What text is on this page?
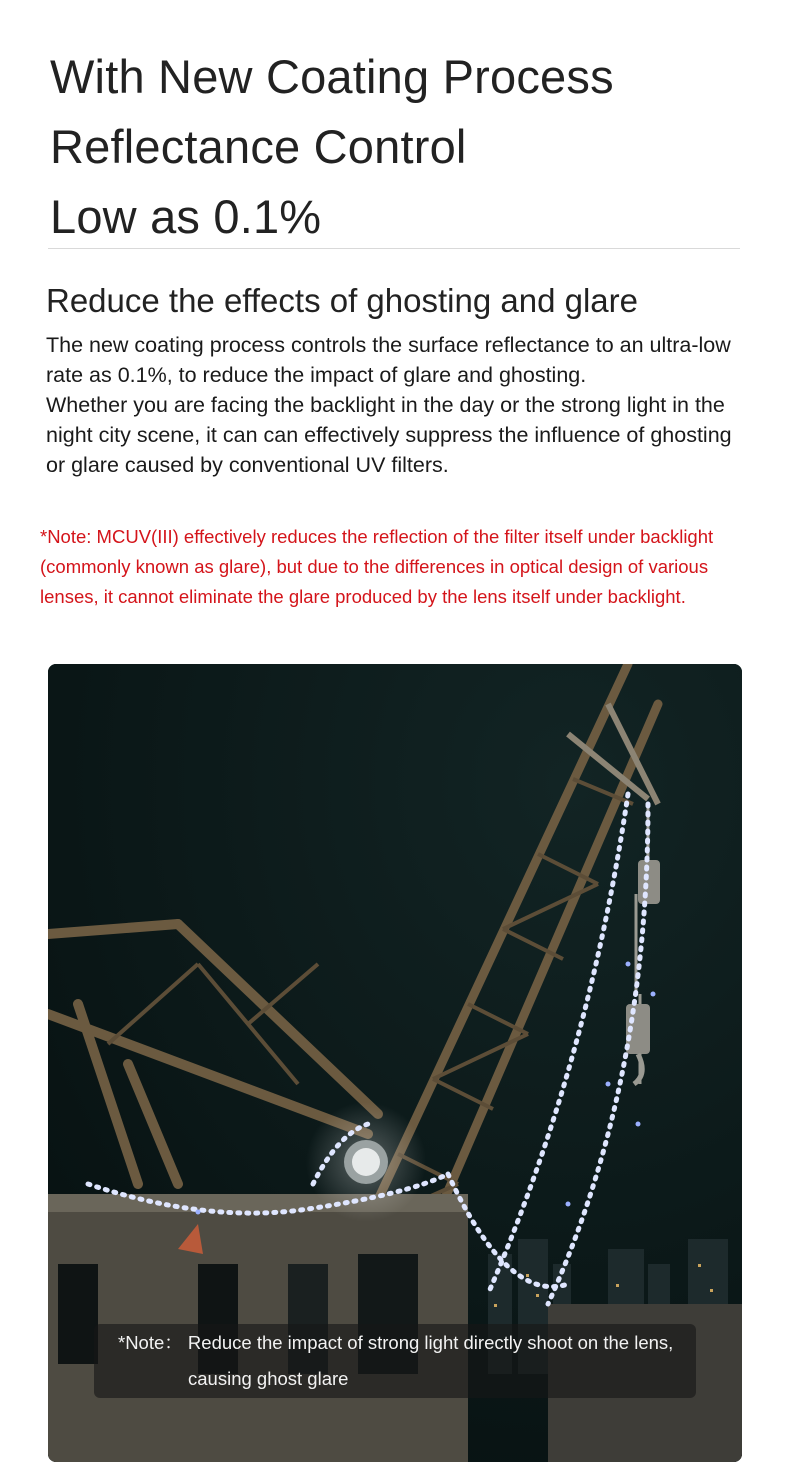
With New Coating Process
Reflectance Control
Low as 0.1%
Reduce the effects of ghosting and glare

The new coating process controls the surface reflectance to an ultra-low rate as 0.1%, to reduce the impact of glare and ghosting.

Whether you are facing the backlight in the day or the strong light in the night city scene, it can can effectively suppress the influence of ghosting or glare caused by conventional UV filters.

*Note: MCUV(III) effectively reduces the reflection of the filter itself under backlight (commonly known as glare), but due to the differences in optical design of various lenses, it cannot eliminate the glare produced by the lens itself under backlight.

*Note： Reduce the impact of strong light directly shoot on the lens,
causing ghost glare
